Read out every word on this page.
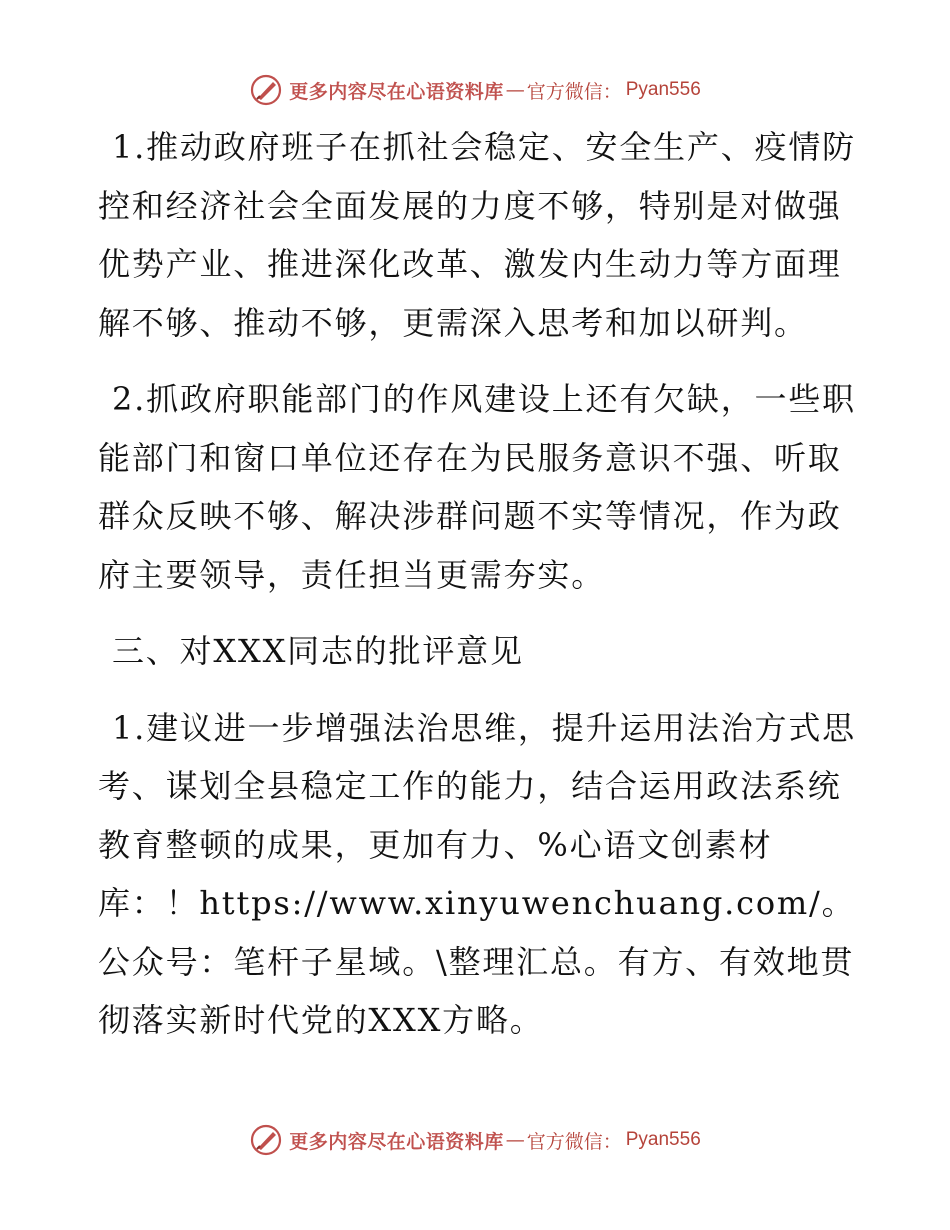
更多内容尽在心语资料库 — 官方微信： Pyan556

1.推动政府班子在抓社会稳定、安全生产、疫情防控和经济社会全面发展的力度不够，特别是对做强优势产业、推进深化改革、激发内生动力等方面理解不够、推动不够，更需深入思考和加以研判。

2.抓政府职能部门的作风建设上还有欠缺，一些职能部门和窗口单位还存在为民服务意识不强、听取群众反映不够、解决涉群问题不实等情况，作为政府主要领导，责任担当更需夯实。

三、对XXX同志的批评意见

1.建议进一步增强法治思维，提升运用法治方式思考、谋划全县稳定工作的能力，结合运用政法系统教育整顿的成果，更加有力、%心语文创素材库：！https://www.xinyuwenchuang.com/。公众号：笔杆子星域。\整理汇总。有方、有效地贯彻落实新时代党的XXX方略。

更多内容尽在心语资料库 — 官方微信： Pyan556
